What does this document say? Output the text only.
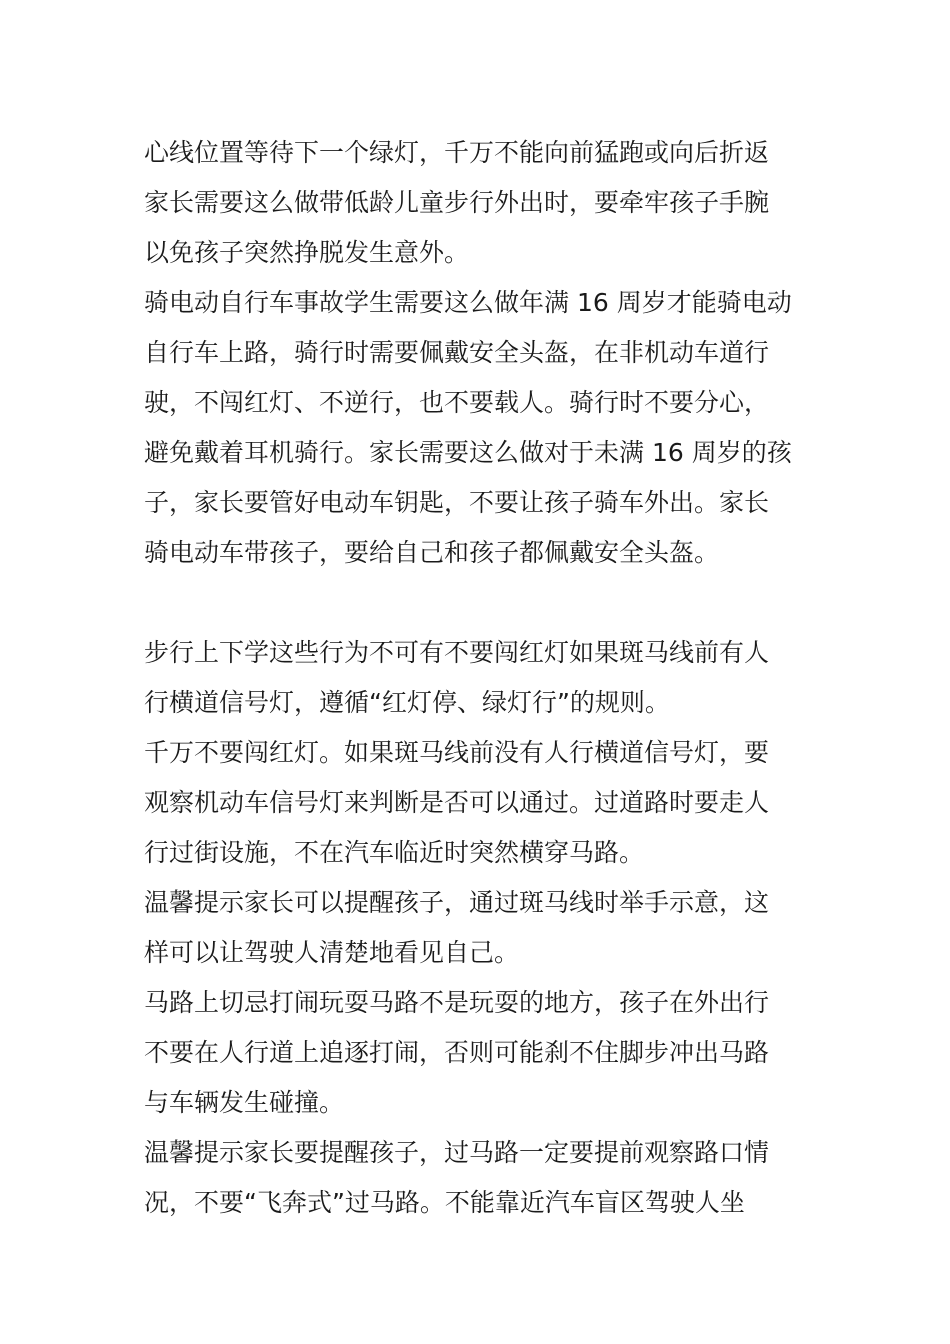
心线位置等待下一个绿灯，千万不能向前猛跑或向后折返
家长需要这么做带低龄儿童步行外出时，要牵牢孩子手腕
以免孩子突然挣脱发生意外。
骑电动自行车事故学生需要这么做年满 16 周岁才能骑电动
自行车上路，骑行时需要佩戴安全头盔，在非机动车道行
驶，不闯红灯、不逆行，也不要载人。骑行时不要分心，
避免戴着耳机骑行。家长需要这么做对于未满 16 周岁的孩
子，家长要管好电动车钥匙，不要让孩子骑车外出。家长
骑电动车带孩子，要给自己和孩子都佩戴安全头盔。
步行上下学这些行为不可有不要闯红灯如果斑马线前有人
行横道信号灯，遵循“红灯停、绿灯行”的规则。
千万不要闯红灯。如果斑马线前没有人行横道信号灯，要
观察机动车信号灯来判断是否可以通过。过道路时要走人
行过街设施，不在汽车临近时突然横穿马路。
温馨提示家长可以提醒孩子，通过斑马线时举手示意，这
样可以让驾驶人清楚地看见自己。
马路上切忌打闹玩耍马路不是玩耍的地方，孩子在外出行
不要在人行道上追逐打闹，否则可能刹不住脚步冲出马路
与车辆发生碰撞。
温馨提示家长要提醒孩子，过马路一定要提前观察路口情
况，不要“飞奔式”过马路。不能靠近汽车盲区驾驶人坐
